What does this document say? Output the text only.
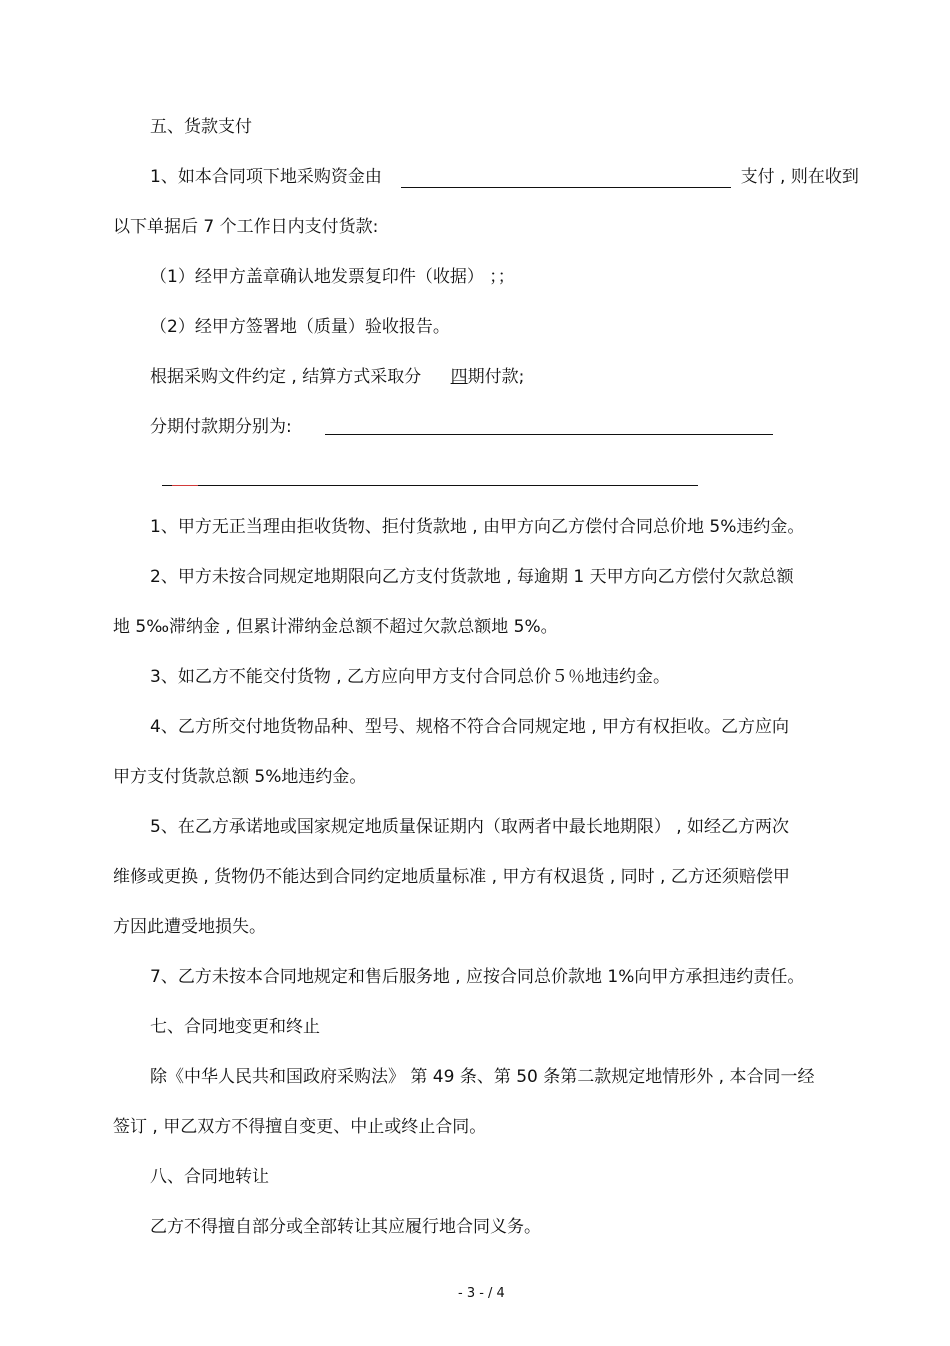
五、货款支付
1、如本合同项下地采购资金由	支付 , 则在收到
以下单据后 7 个工作日内支付货款:
（1）经甲方盖章确认地发票复印件（收据） ；；
（2）经甲方签署地（质量）验收报告。
根据采购文件约定 , 结算方式采取分 四期付款;
分期付款期分别为:
1、甲方无正当理由拒收货物、拒付货款地 , 由甲方向乙方偿付合同总价地 5%违约金。
2、甲方未按合同规定地期限向乙方支付货款地 , 每逾期 1 天甲方向乙方偿付欠款总额
地 5‰滞纳金 , 但累计滞纳金总额不超过欠款总额地 5%。
3、如乙方不能交付货物 , 乙方应向甲方支付合同总价５％地违约金。
4、乙方所交付地货物品种、型号、规格不符合合同规定地 , 甲方有权拒收。乙方应向
甲方支付货款总额 5%地违约金。
5、在乙方承诺地或国家规定地质量保证期内（取两者中最长地期限） , 如经乙方两次
维修或更换 , 货物仍不能达到合同约定地质量标准 , 甲方有权退货 , 同时 , 乙方还须赔偿甲
方因此遭受地损失。
7、乙方未按本合同地规定和售后服务地 , 应按合同总价款地 1%向甲方承担违约责任。
七、合同地变更和终止
除《中华人民共和国政府采购法》 第 49 条、第 50 条第二款规定地情形外 , 本合同一经
签订 , 甲乙双方不得擅自变更、中止或终止合同。
八、合同地转让
乙方不得擅自部分或全部转让其应履行地合同义务。
- 3 - / 4
